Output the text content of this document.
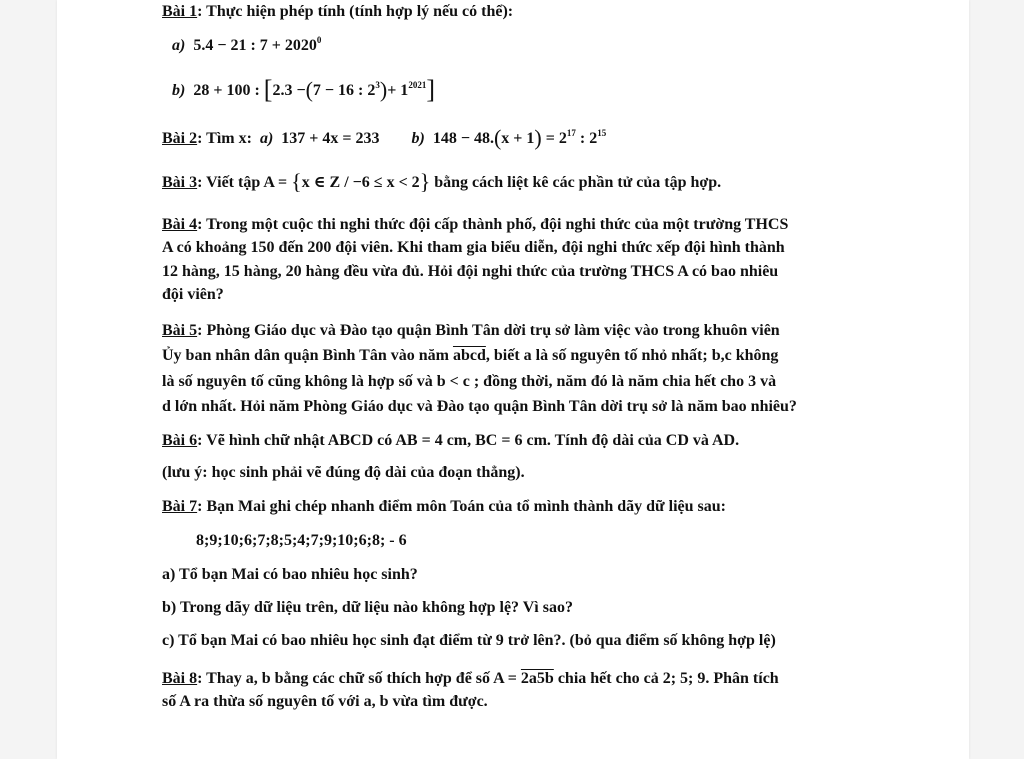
Bài 1: Thực hiện phép tính (tính hợp lý nếu có thể):
a) 5.4 − 21 : $7 + 2020^0$
b) 28 + 100 : [2.3 −(7 − 16 : $2^3)+ 1^{2021}$]
Bài 2: Tìm x: a) 137 + 4x = 233 b) $148 - 48.(x + 1) = 2^{17}$ : $2^{15}$
Bài 3: Viết tập A = {x ∈ Z / −6 ≤ x < 2} bằng cách liệt kê các phần tử của tập hợp.
Bài 4: Trong một cuộc thi nghi thức đội cấp thành phố, đội nghi thức của một trường THCS
A có khoảng 150 đến 200 đội viên. Khi tham gia biểu diễn, đội nghi thức xếp đội hình thành
12 hàng, 15 hàng, 20 hàng đều vừa đủ. Hỏi đội nghi thức của trường THCS A có bao nhiêu
đội viên?
Bài 5: Phòng Giáo dục và Đào tạo quận Bình Tân dời trụ sở làm việc vào trong khuôn viên
Ủy ban nhân dân quận Bình Tân vào năm abcd, biết a là số nguyên tố nhỏ nhất; b,c không
là số nguyên tố cũng không là hợp số và b < c ; đồng thời, năm đó là năm chia hết cho 3 và
d lớn nhất. Hỏi năm Phòng Giáo dục và Đào tạo quận Bình Tân dời trụ sở là năm bao nhiêu?
Bài 6: Vẽ hình chữ nhật ABCD có AB = 4 cm, BC = 6 cm. Tính độ dài của CD và AD.
(lưu ý: học sinh phải vẽ đúng độ dài của đoạn thẳng).
Bài 7: Bạn Mai ghi chép nhanh điểm môn Toán của tổ mình thành dãy dữ liệu sau:
8;9;10;6;7;8;5;4;7;9;10;6;8; - 6
a) Tổ bạn Mai có bao nhiêu học sinh?
b) Trong dãy dữ liệu trên, dữ liệu nào không hợp lệ? Vì sao?
c) Tổ bạn Mai có bao nhiêu học sinh đạt điểm từ 9 trở lên?. (bỏ qua điểm số không hợp lệ)
Bài 8: Thay a, b bằng các chữ số thích hợp để số A = 2a5b chia hết cho cả 2; 5; 9. Phân tích
số A ra thừa số nguyên tố với a, b vừa tìm được.
